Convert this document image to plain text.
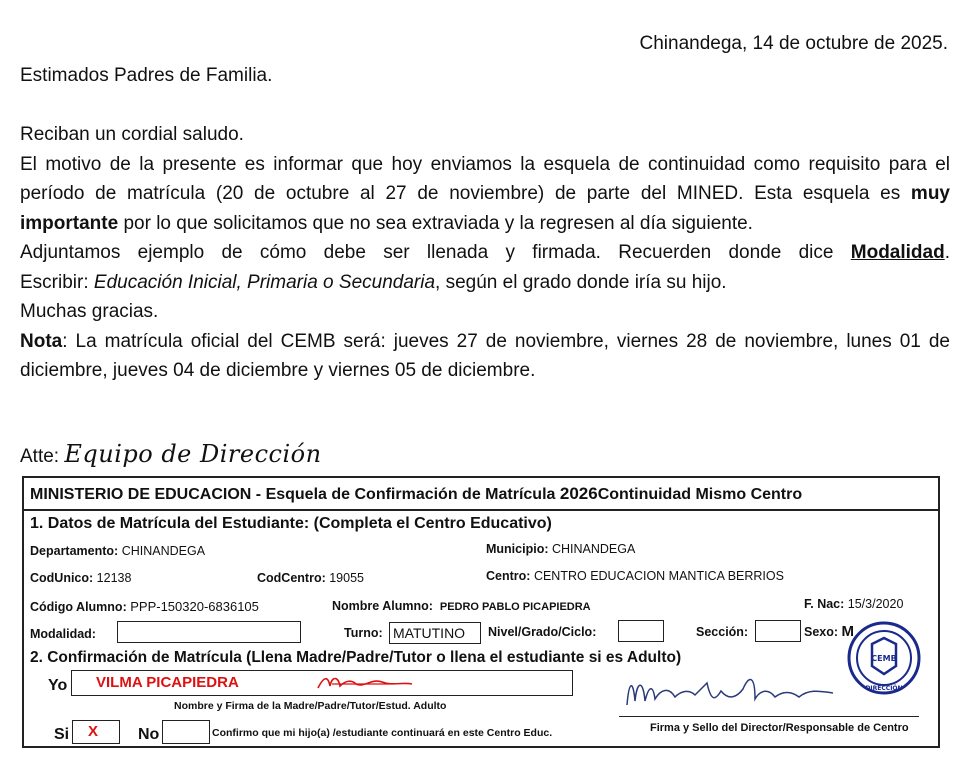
Chinandega, 14 de octubre de 2025.

Estimados Padres de Familia.

Reciban un cordial saludo.

El motivo de la presente es informar que hoy enviamos la esquela de continuidad como requisito para el período de matrícula (20 de octubre al 27 de noviembre) de parte del MINED. Esta esquela es muy importante por lo que solicitamos que no sea extraviada y la regresen al día siguiente.

Adjuntamos ejemplo de cómo debe ser llenada y firmada. Recuerden donde dice Modalidad.

Escribir: Educación Inicial, Primaria o Secundaria, según el grado donde iría su hijo.

Muchas gracias.

Nota: La matrícula oficial del CEMB será: jueves 27 de noviembre, viernes 28 de noviembre, lunes 01 de diciembre, jueves 04 de diciembre y viernes 05 de diciembre.

Atte: Equipo de Dirección
MINISTERIO DE EDUCACION - Esquela de Confirmación de Matrícula 2026Continuidad Mismo Centro
1. Datos de Matrícula del Estudiante: (Completa el Centro Educativo)
Departamento: CHINANDEGA	Municipio: CHINANDEGA
CodUnico: 12138	CodCentro: 19055	Centro: CENTRO EDUCACION MANTICA BERRIOS
Código Alumno: PPP-150320-6836105	Nombre Alumno: PEDRO PABLO PICAPIEDRA	F. Nac: 15/3/2020
Modalidad:	Turno: MATUTINO	Nivel/Grado/Ciclo:	Sección:	Sexo: M
2. Confirmación de Matrícula (Llena Madre/Padre/Tutor o llena el estudiante si es Adulto)
Yo VILMA PICAPIEDRA
Nombre y Firma de la Madre/Padre/Tutor/Estud. Adulto
Si X No	Confirmo que mi hijo(a) /estudiante continuará en este Centro Educ.	Firma y Sello del Director/Responsable de Centro
CEMB
DIRECCIÓN
